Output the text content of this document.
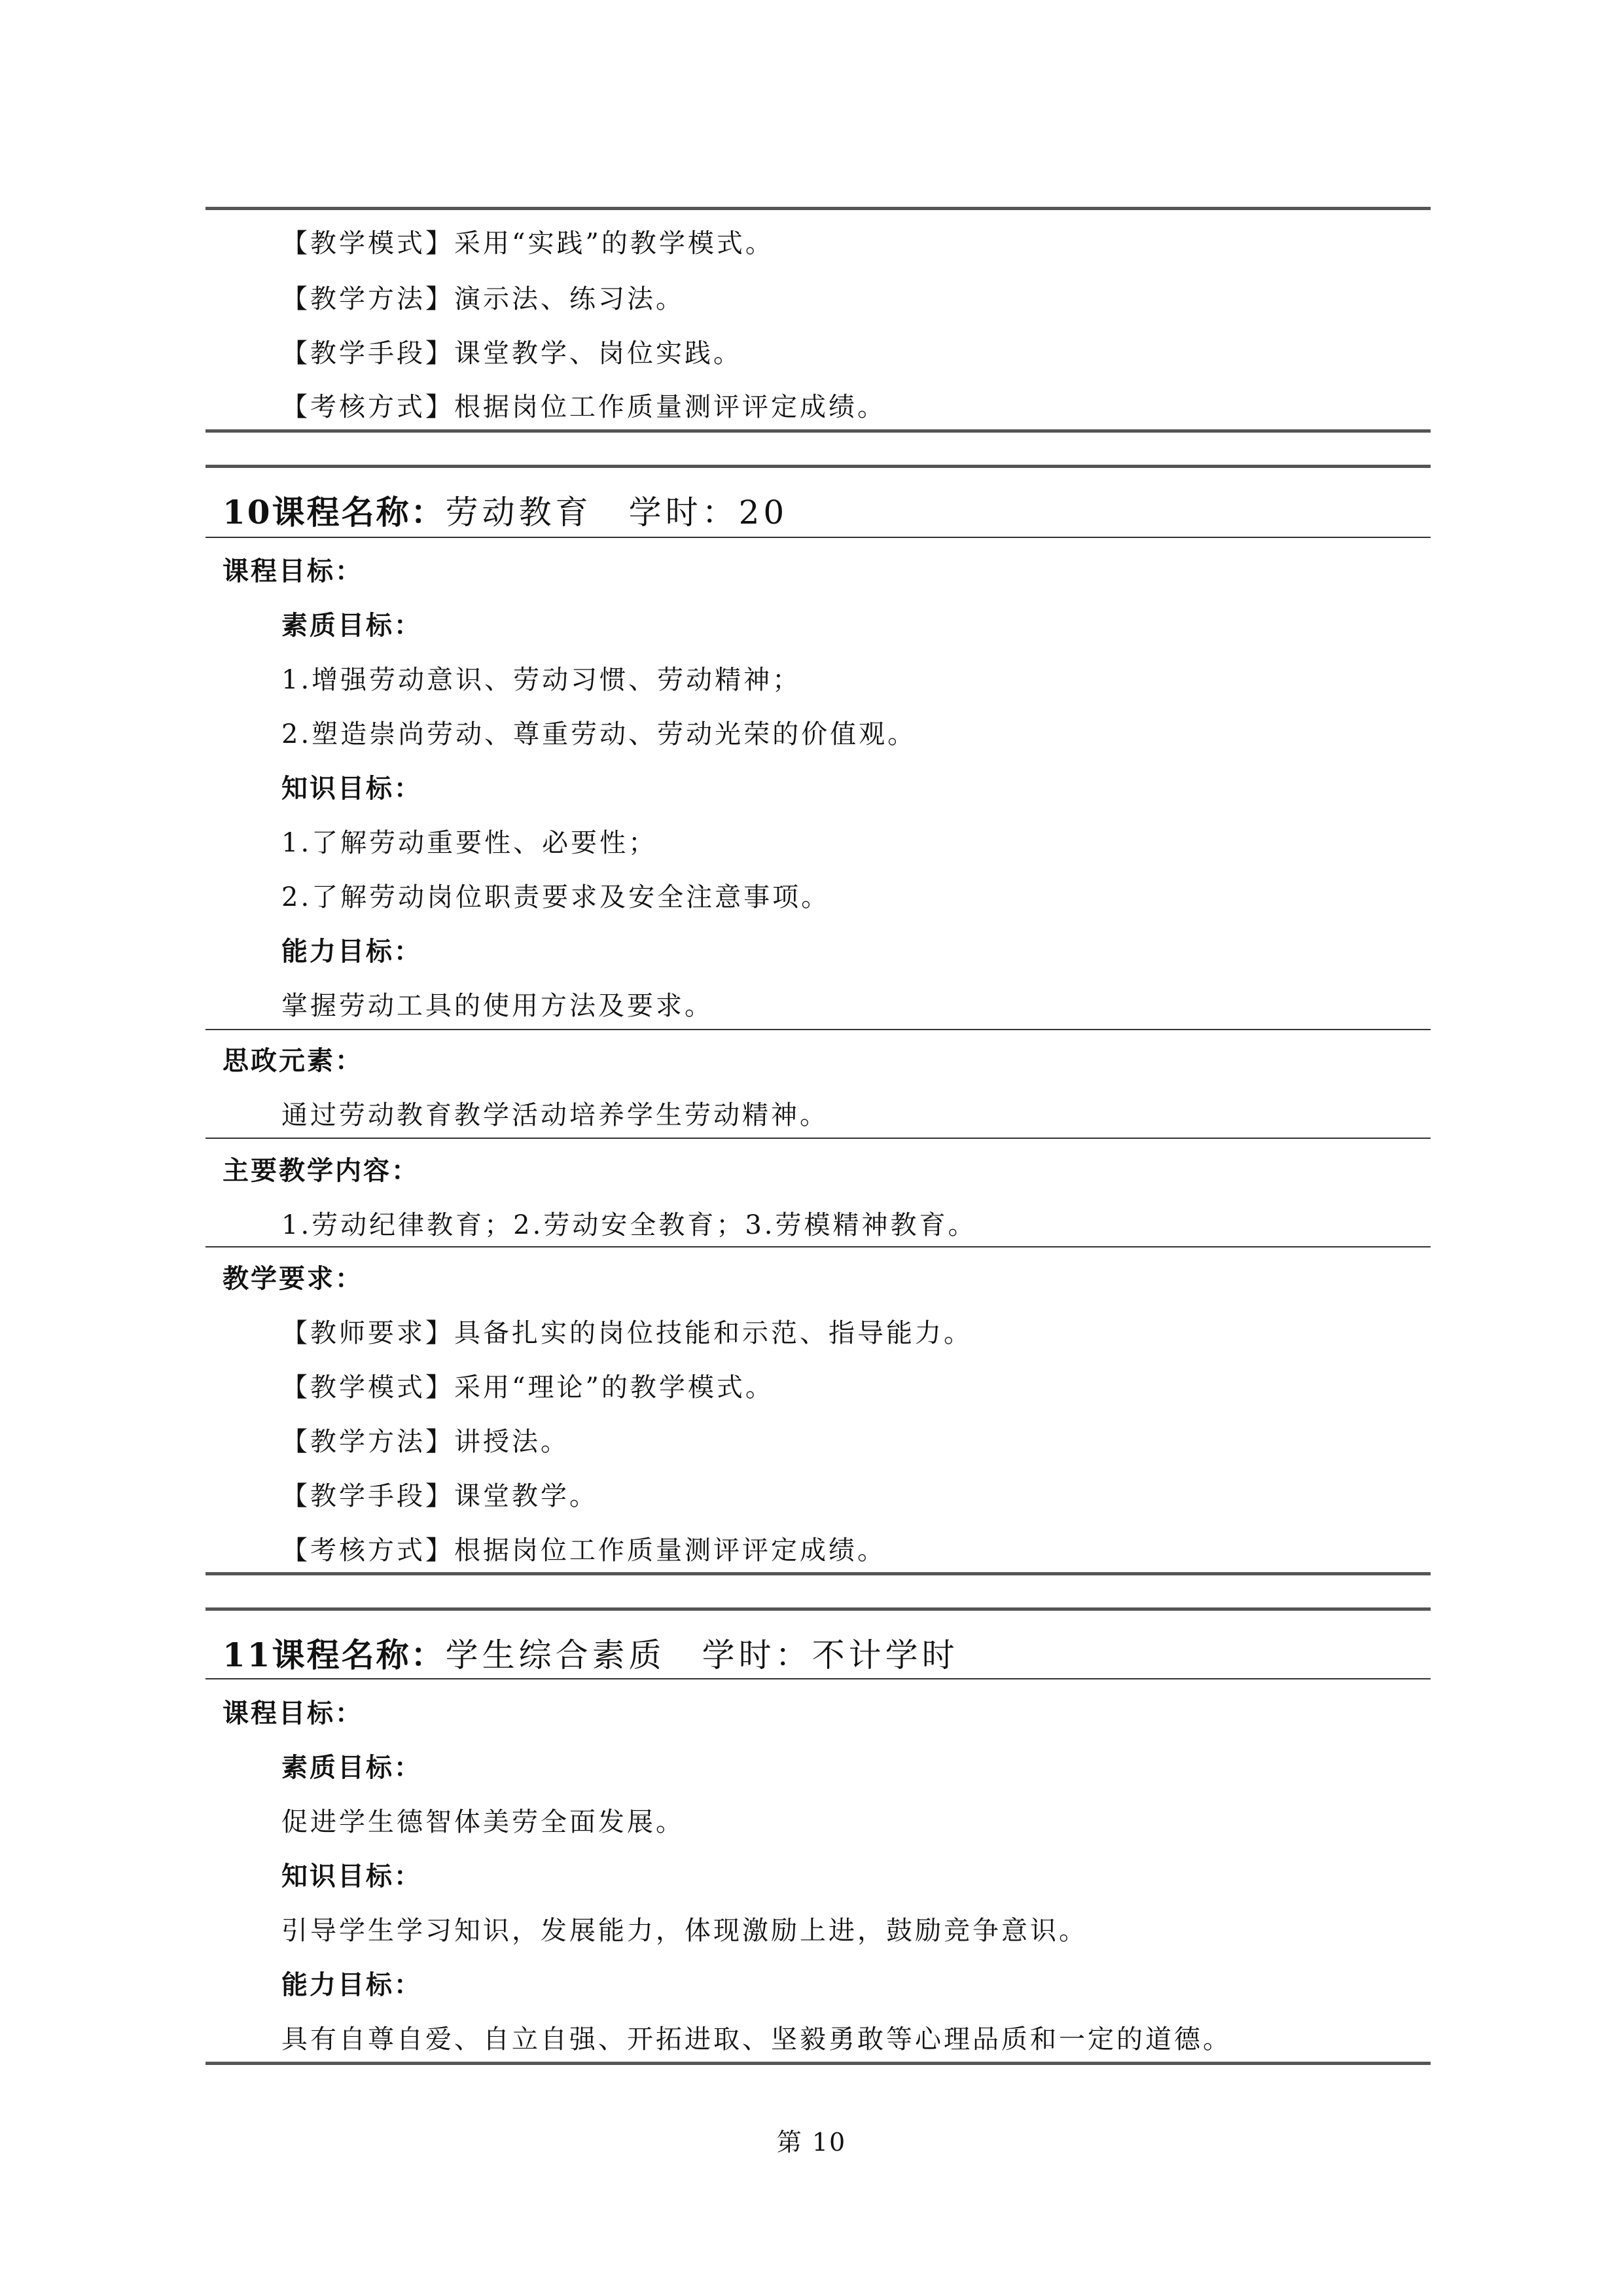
【教学模式】采用“实践”的教学模式。
【教学方法】演示法、练习法。
【教学手段】课堂教学、岗位实践。
【考核方式】根据岗位工作质量测评评定成绩。
10课程名称：劳动教育 学时：20
课程目标：
素质目标：
1.增强劳动意识、劳动习惯、劳动精神；
2.塑造崇尚劳动、尊重劳动、劳动光荣的价值观。
知识目标：
1.了解劳动重要性、必要性；
2.了解劳动岗位职责要求及安全注意事项。
能力目标：
掌握劳动工具的使用方法及要求。
思政元素：
通过劳动教育教学活动培养学生劳动精神。
主要教学内容：
1.劳动纪律教育；2.劳动安全教育；3.劳模精神教育。
教学要求：
【教师要求】具备扎实的岗位技能和示范、指导能力。
【教学模式】采用“理论”的教学模式。
【教学方法】讲授法。
【教学手段】课堂教学。
【考核方式】根据岗位工作质量测评评定成绩。
11课程名称：学生综合素质 学时：不计学时
课程目标：
素质目标：
促进学生德智体美劳全面发展。
知识目标：
引导学生学习知识，发展能力，体现激励上进，鼓励竞争意识。
能力目标：
具有自尊自爱、自立自强、开拓进取、坚毅勇敢等心理品质和一定的道德。
第 10
